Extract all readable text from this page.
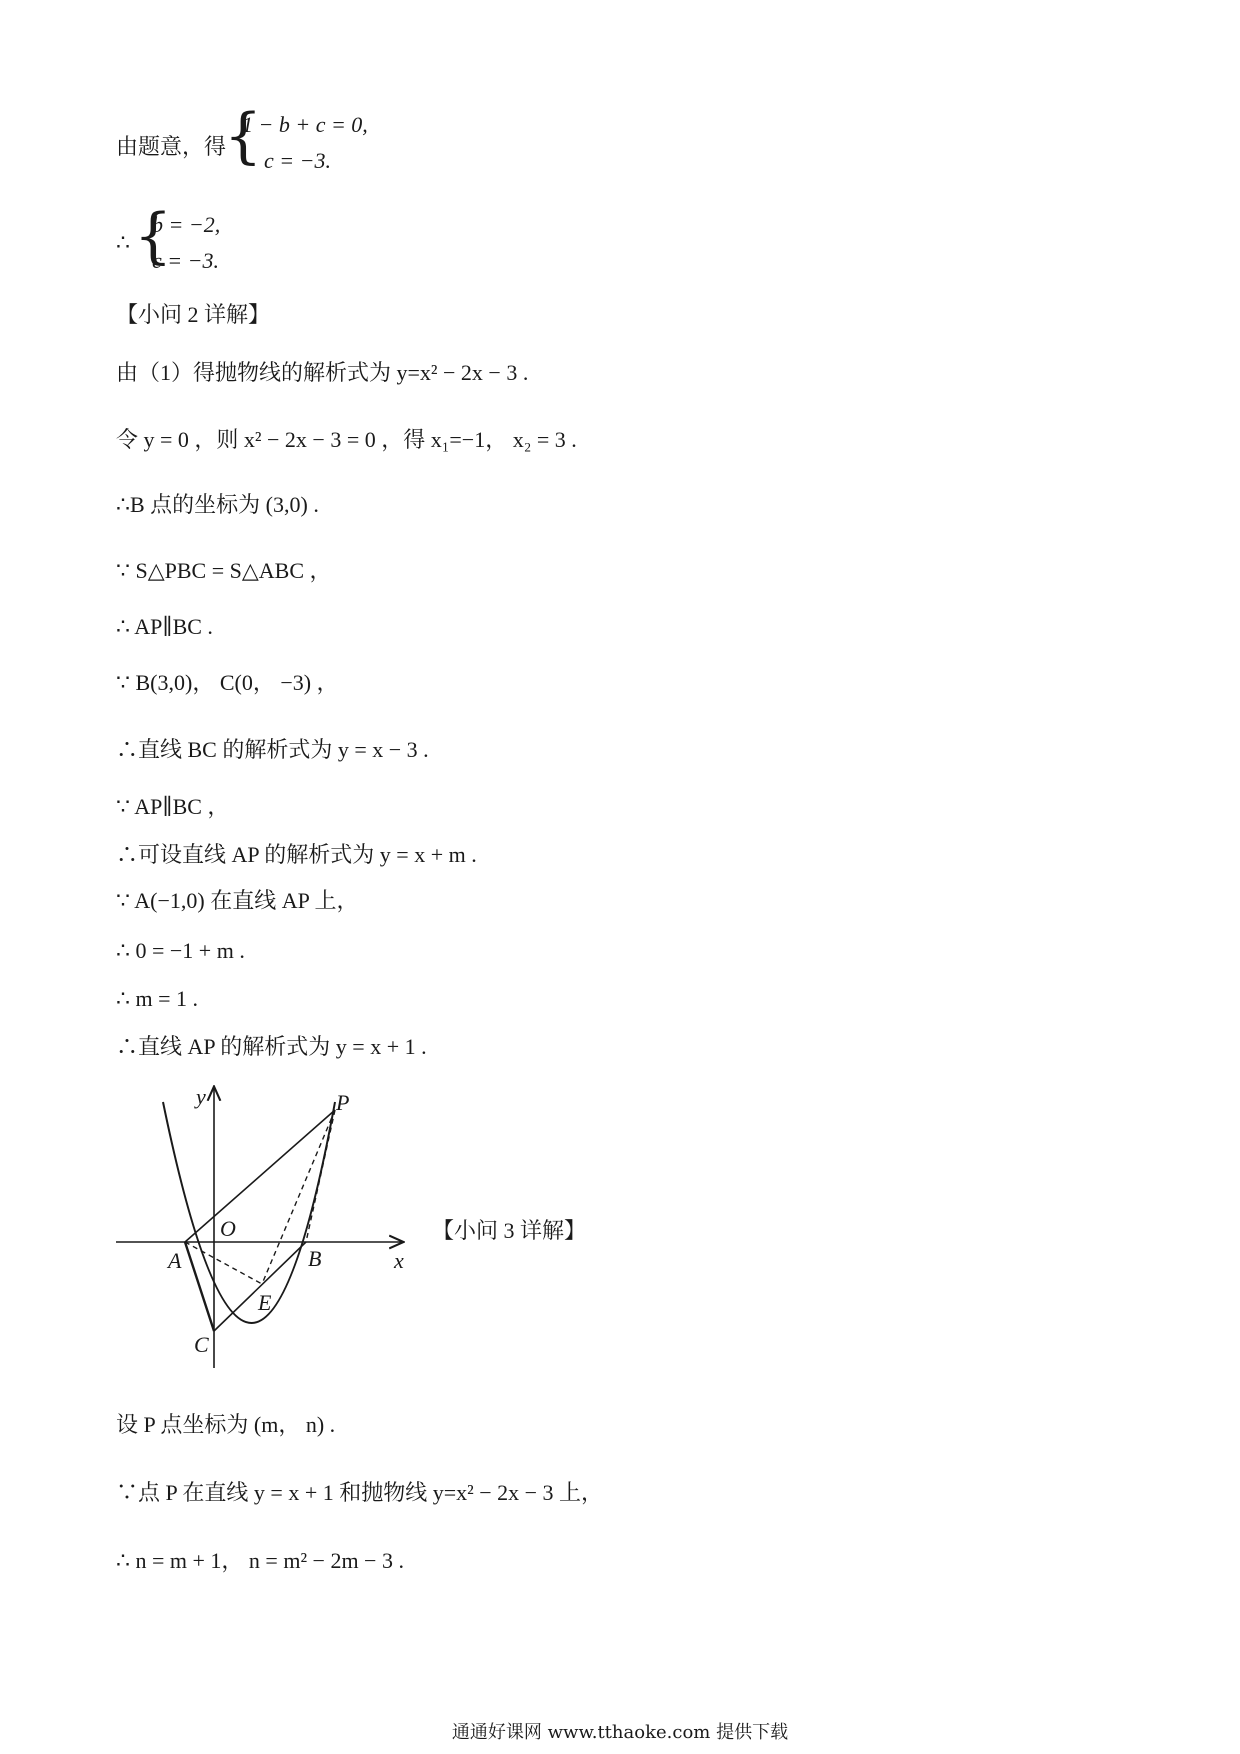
由题意，得
{
1 − b + c = 0,
c = −3.
∴ {
b = −2,
c = −3.
【小问 2 详解】
由（1）得抛物线的解析式为 y=x² − 2x − 3 .
令 y = 0 ，则 x² − 2x − 3 = 0 ，得 x₁=−1， x₂ = 3 .
∴B 点的坐标为 (3,0) .
∵ S△PBC = S△ABC ，
∴ AP∥BC .
∵ B(3,0)， C(0， −3) ，
∴直线 BC 的解析式为 y = x − 3 .
∵ AP∥BC ，
∴可设直线 AP 的解析式为 y = x + m .
∵ A(−1,0) 在直线 AP 上，
∴ 0 = −1 + m .
∴ m = 1 .
∴直线 AP 的解析式为 y = x + 1 .
y
x
O
A	B
C
E
P
【小问 3 详解】
设 P 点坐标为 (m， n) .
∵点 P 在直线 y = x + 1 和抛物线 y=x² − 2x − 3 上，
∴ n = m + 1， n = m² − 2m − 3 .
通通好课网 www.tthaoke.com 提供下载
